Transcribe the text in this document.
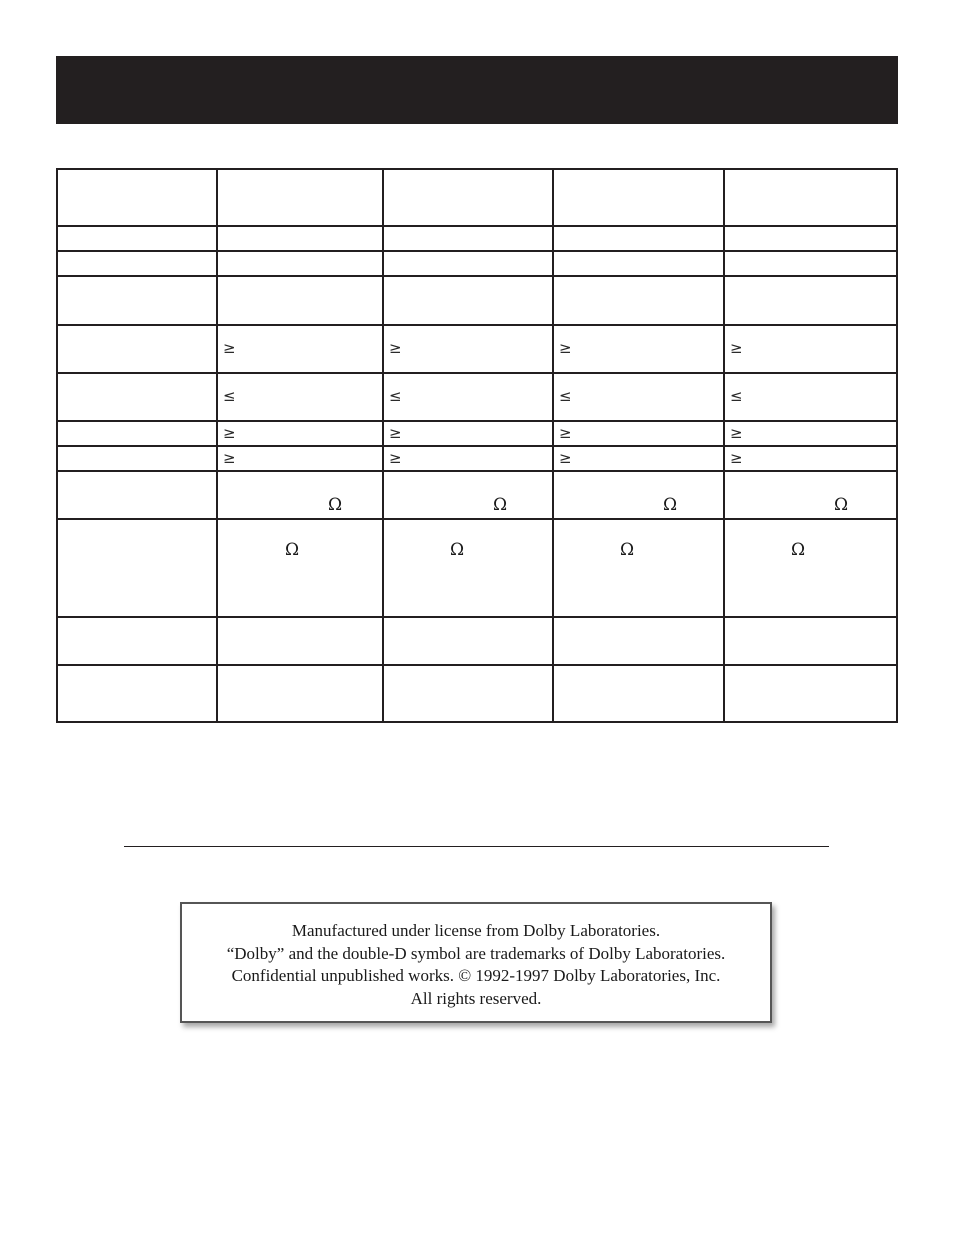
	≥	≥	≥	≥

	≤	≤	≤	≤

	≥	≥	≥	≥

	≥	≥	≥	≥

	Ω	Ω	Ω	Ω

	Ω	Ω	Ω	Ω

Manufactured under license from Dolby Laboratories.
“Dolby” and the double-D symbol are trademarks of Dolby Laboratories.
Confidential unpublished works. © 1992-1997 Dolby Laboratories, Inc.
All rights reserved.
